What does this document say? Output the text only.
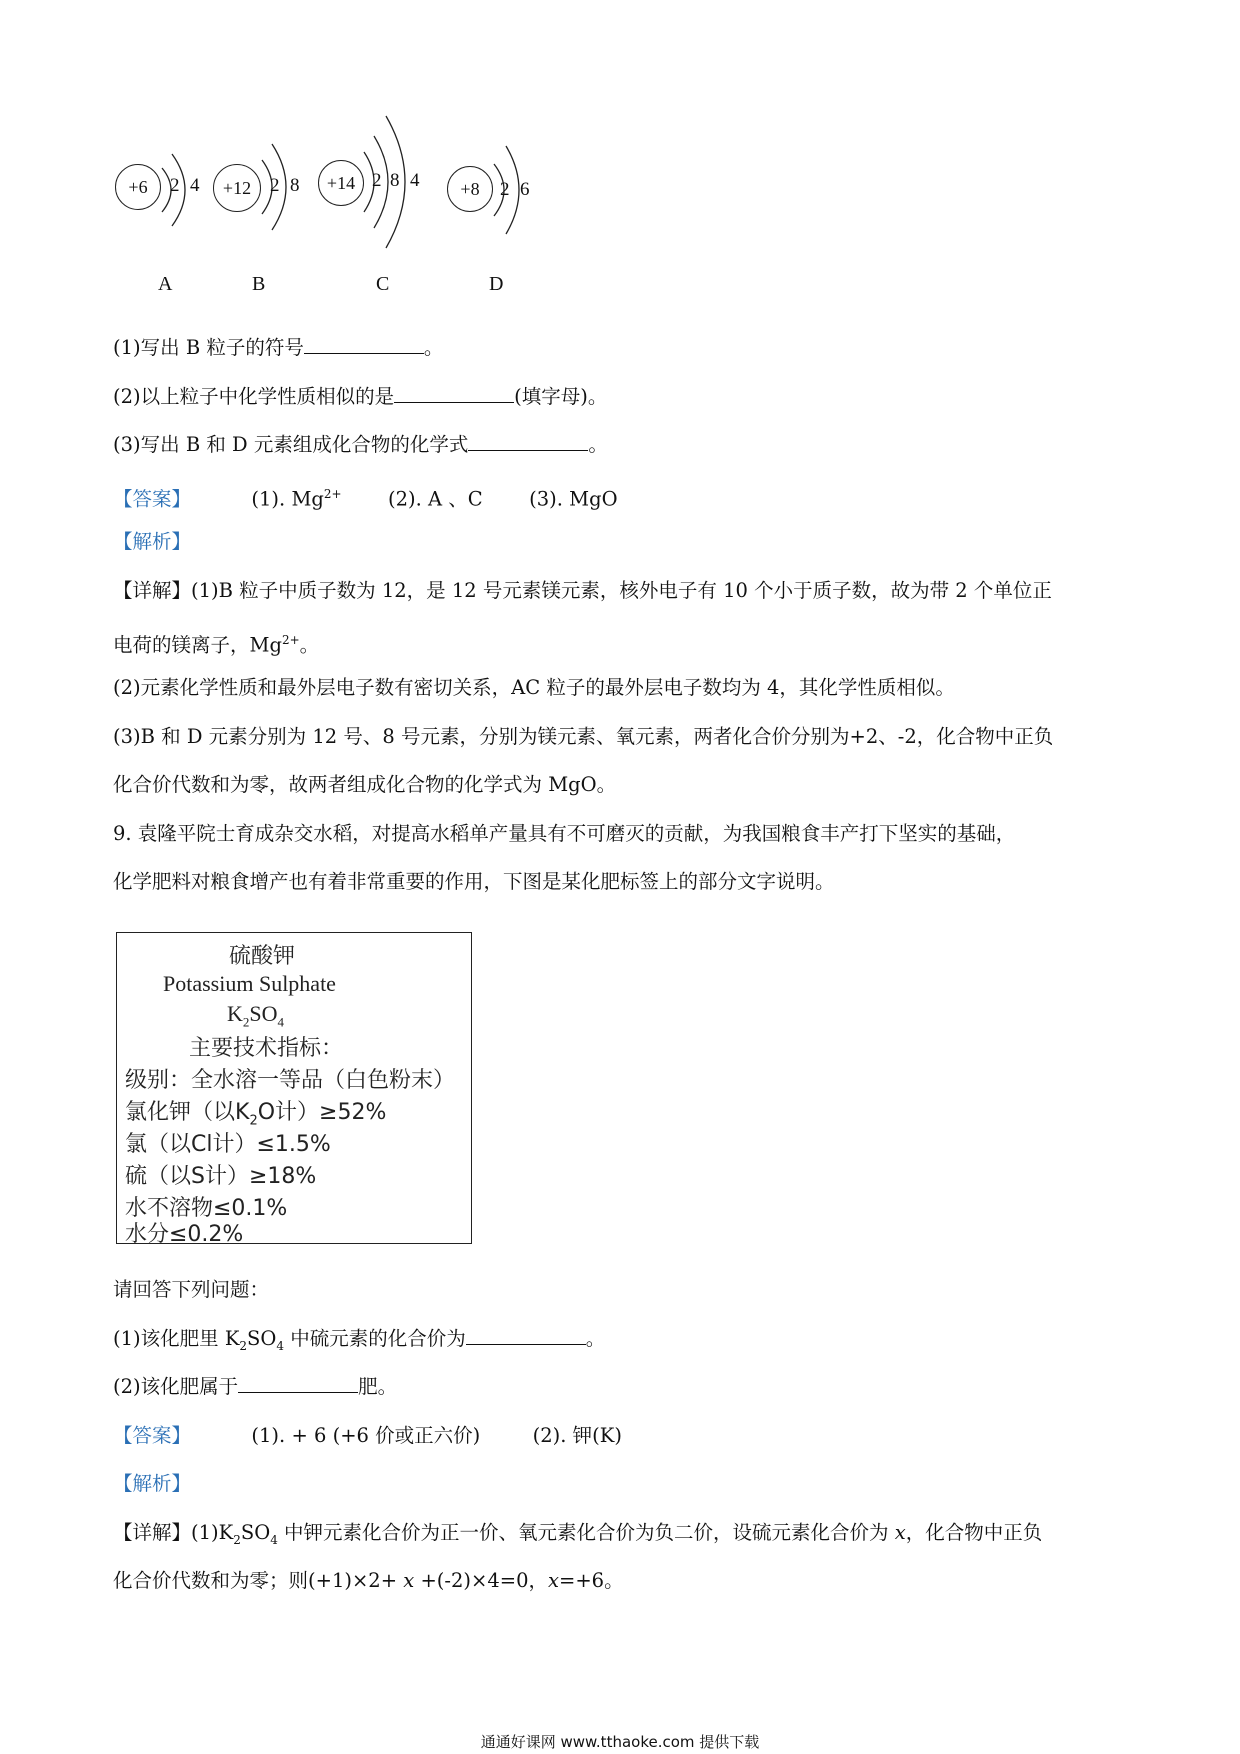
+6	2 4
A
+12 2 8
B
+14 2 8 4
C
+8	2 6
D
(1)写出 B 粒子的符号	。
(2)以上粒子中化学性质相似的是	(填字母)。
(3)写出 B 和 D 元素组成化合物的化学式	。
【答案】	(1). $Mg^{2+}$ (2). A 、C (3). MgO
【解析】
【详解】(1)B 粒子中质子数为 12，是 12 号元素镁元素，核外电子有 10 个小于质子数，故为带 2 个单位正
电荷的镁离子，$Mg^{2+}$。
(2)元素化学性质和最外层电子数有密切关系，AC 粒子的最外层电子数均为 4，其化学性质相似。
(3)B 和 D 元素分别为 12 号、8 号元素，分别为镁元素、氧元素，两者化合价分别为+2、-2，化合物中正负
化合价代数和为零，故两者组成化合物的化学式为 MgO。
9. 袁隆平院士育成杂交水稻，对提高水稻单产量具有不可磨灭的贡献，为我国粮食丰产打下坚实的基础，
化学肥料对粮食增产也有着非常重要的作用，下图是某化肥标签上的部分文字说明。
硫酸钾
Potassium Sulphate
$K_2SO_4$
主要技术指标：
级别：全水溶一等品（白色粉末）
氯化钾（以$K_2O$计）≥52%
氯（以Cl计）≤1.5%
硫（以S计）≥18%
水不溶物≤0.1%
水分≤0.2%
请回答下列问题：
(1)该化肥里 $K_2SO_4$ 中硫元素的化合价为	。
(2)该化肥属于	肥。
【答案】	(1). + 6 (+6 价或正六价)	(2). 钾(K)
【解析】
【详解】$(1)K_2SO_4$ 中钾元素化合价为正一价、氧元素化合价为负二价，设硫元素化合价为 x，化合物中正负
化合价代数和为零；则(+1)×2+ x +(-2)×4=0，x=+6。
通通好课网 www.tthaoke.com 提供下载
